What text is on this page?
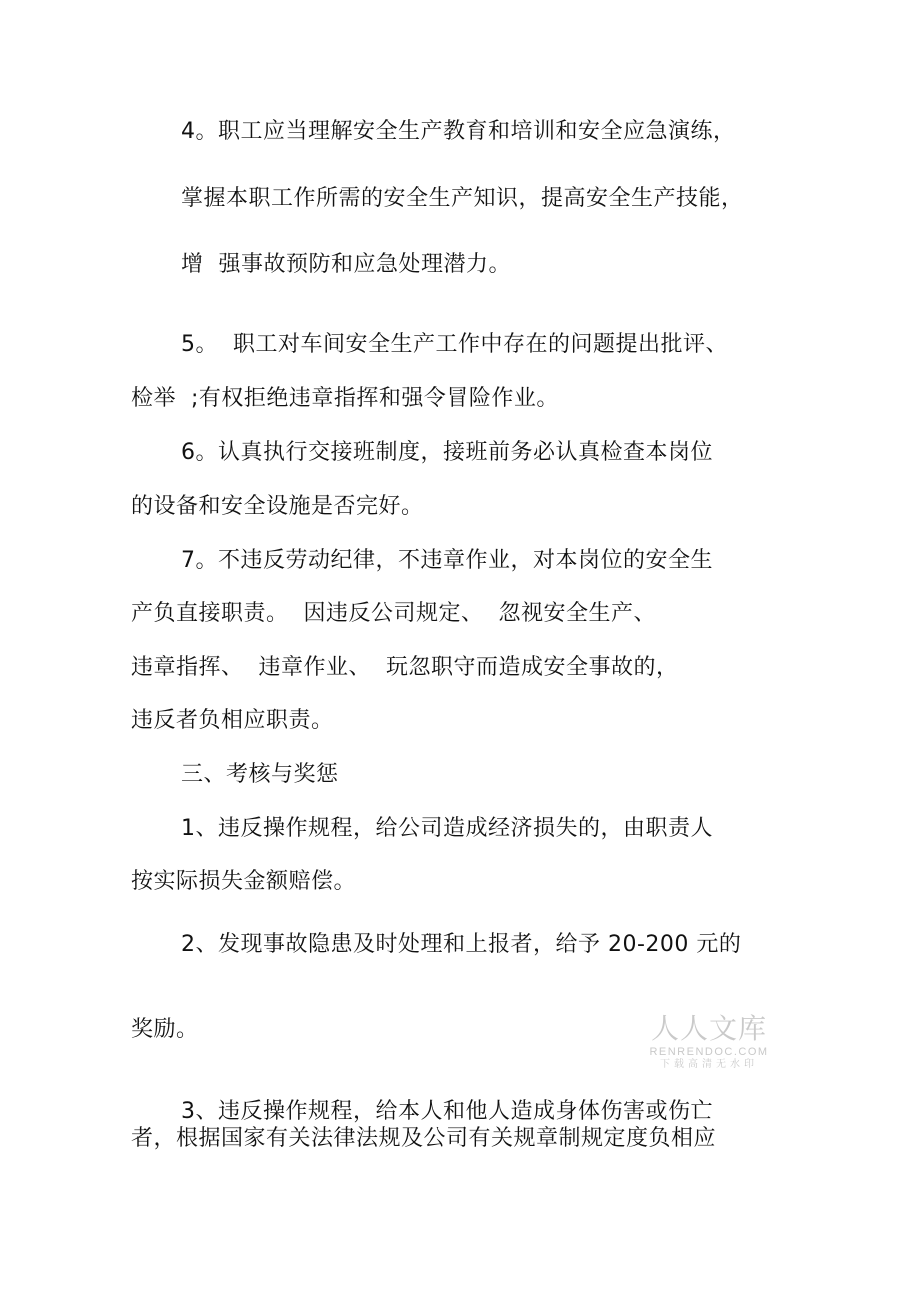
4。职工应当理解安全生产教育和培训和安全应急演练，
掌握本职工作所需的安全生产知识，提高安全生产技能，
增  强事故预防和应急处理潜力。
5。  职工对车间安全生产工作中存在的问题提出批评、
检举  ;有权拒绝违章指挥和强令冒险作业。
6。认真执行交接班制度，接班前务必认真检查本岗位
的设备和安全设施是否完好。
7。不违反劳动纪律，不违章作业，对本岗位的安全生
产负直接职责。  因违反公司规定、  忽视安全生产、
违章指挥、  违章作业、  玩忽职守而造成安全事故的，
违反者负相应职责。
三、考核与奖惩
1、违反操作规程，给公司造成经济损失的，由职责人
按实际损失金额赔偿。
2、发现事故隐患及时处理和上报者，给予 20-200 元的
奖励。
3、违反操作规程，给本人和他人造成身体伤害或伤亡
者，根据国家有关法律法规及公司有关规章制规定度负相应
人人文库
RENRENDOC.COM
下载高清无水印
